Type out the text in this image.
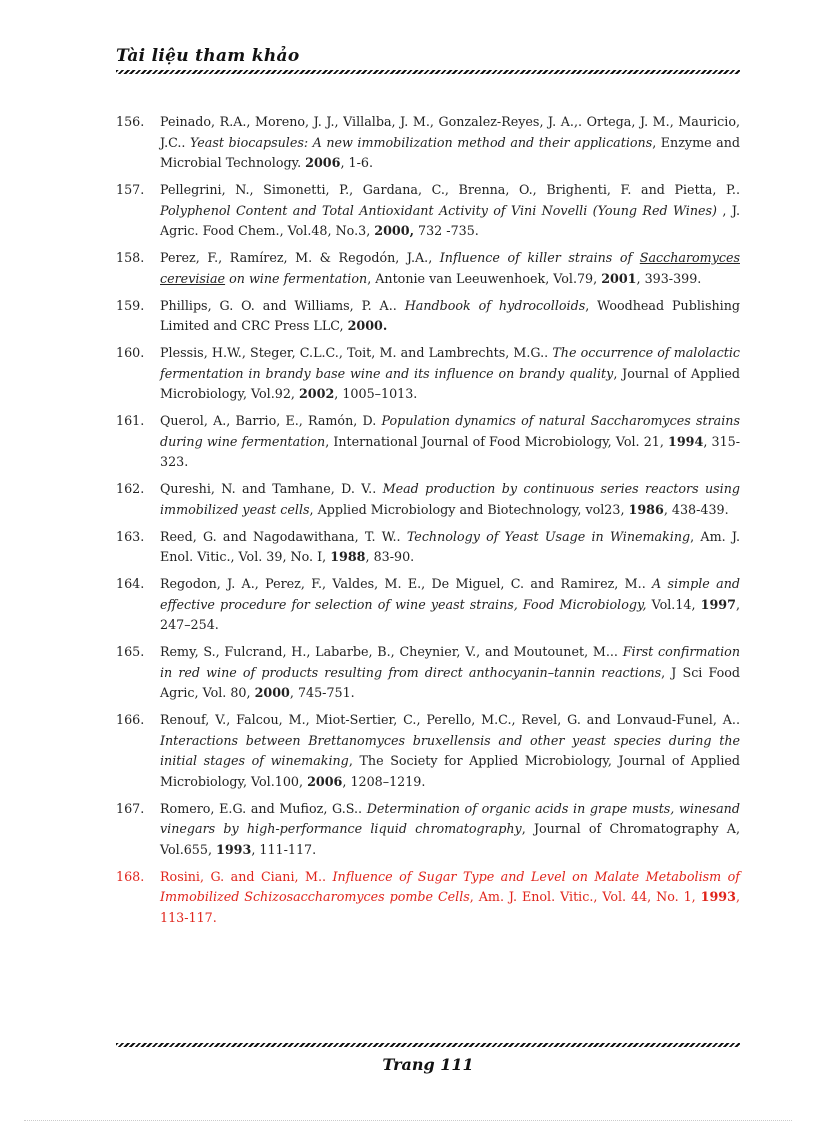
Tài liệu tham khảo
156.	Peinado, R.A., Moreno, J. J., Villalba, J. M., Gonzalez-Reyes, J. A.,. Ortega, J. M., Mauricio, J.C.. Yeast biocapsules: A new immobilization method and their applications, Enzyme and Microbial Technology. 2006, 1-6.
157.	Pellegrini, N., Simonetti, P., Gardana, C., Brenna, O., Brighenti, F. and Pietta, P.. Polyphenol Content and Total Antioxidant Activity of Vini Novelli (Young Red Wines) , J. Agric. Food Chem., Vol.48, No.3, 2000, 732 -735.
158.	Perez, F., Ramírez, M. & Regodón, J.A., Influence of killer strains of Saccharomyces cerevisiae on wine fermentation, Antonie van Leeuwenhoek, Vol.79, 2001, 393-399.
159.	Phillips, G. O. and Williams, P. A.. Handbook of hydrocolloids, Woodhead Publishing Limited and CRC Press LLC, 2000.
160.	Plessis, H.W., Steger, C.L.C., Toit, M. and Lambrechts, M.G.. The occurrence of malolactic fermentation in brandy base wine and its influence on brandy quality, Journal of Applied Microbiology, Vol.92, 2002, 1005–1013.
161.	Querol, A., Barrio, E., Ramón, D. Population dynamics of natural Saccharomyces strains during wine fermentation, International Journal of Food Microbiology, Vol. 21, 1994, 315-323.
162.	Qureshi, N. and Tamhane, D. V.. Mead production by continuous series reactors using immobilized yeast cells, Applied Microbiology and Biotechnology, vol23, 1986, 438-439.
163.	Reed, G. and Nagodawithana, T. W.. Technology of Yeast Usage in Winemaking, Am. J. Enol. Vitic., Vol. 39, No. I, 1988, 83-90.
164.	Regodon, J. A., Perez, F., Valdes, M. E., De Miguel, C. and Ramirez, M.. A simple and effective procedure for selection of wine yeast strains, Food Microbiology, Vol.14, 1997, 247–254.
165.	Remy, S., Fulcrand, H., Labarbe, B., Cheynier, V., and Moutounet, M... First confirmation in red wine of products resulting from direct anthocyanin–tannin reactions, J Sci Food Agric, Vol. 80, 2000, 745-751.
166.	Renouf, V., Falcou, M., Miot-Sertier, C., Perello, M.C., Revel, G. and Lonvaud-Funel, A.. Interactions between Brettanomyces bruxellensis and other yeast species during the initial stages of winemaking, The Society for Applied Microbiology, Journal of Applied Microbiology, Vol.100, 2006, 1208–1219.
167.	Romero, E.G. and Mufioz, G.S.. Determination of organic acids in grape musts, winesand vinegars by high-performance liquid chromatography, Journal of Chromatography A, Vol.655, 1993, 111-117.
168.	Rosini, G. and Ciani, M.. Influence of Sugar Type and Level on Malate Metabolism of Immobilized Schizosaccharomyces pombe Cells, Am. J. Enol. Vitic., Vol. 44, No. 1, 1993, 113-117.
Trang 111
